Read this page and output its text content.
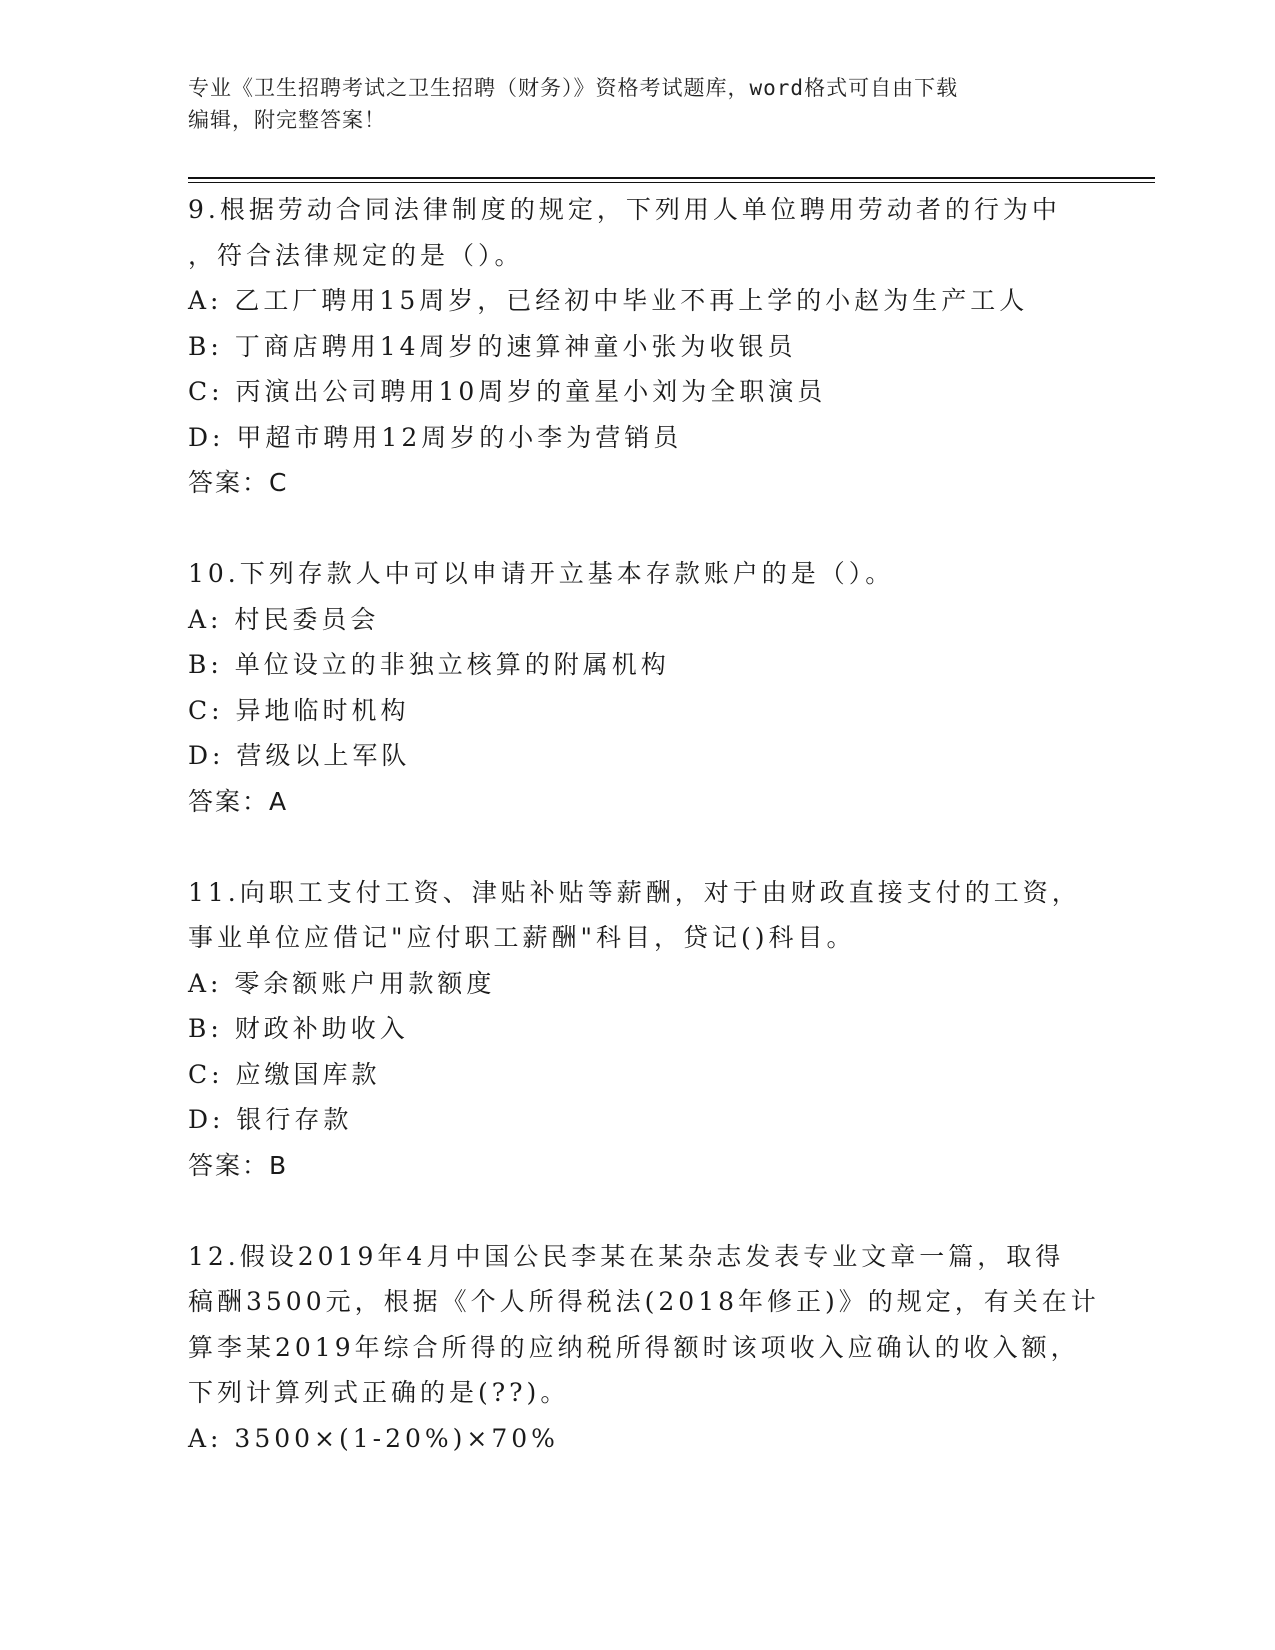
专业《卫生招聘考试之卫生招聘（财务）》资格考试题库，word格式可自由下载
编辑，附完整答案！
9.根据劳动合同法律制度的规定，下列用人单位聘用劳动者的行为中
，符合法律规定的是（）。
A: 乙工厂聘用15周岁，已经初中毕业不再上学的小赵为生产工人
B: 丁商店聘用14周岁的速算神童小张为收银员
C: 丙演出公司聘用10周岁的童星小刘为全职演员
D: 甲超市聘用12周岁的小李为营销员
答案：C
10.下列存款人中可以申请开立基本存款账户的是（）。
A: 村民委员会
B: 单位设立的非独立核算的附属机构
C: 异地临时机构
D: 营级以上军队
答案：A
11.向职工支付工资、津贴补贴等薪酬，对于由财政直接支付的工资，
事业单位应借记"应付职工薪酬"科目，贷记()科目。
A: 零余额账户用款额度
B: 财政补助收入
C: 应缴国库款
D: 银行存款
答案：B
12.假设2019年4月中国公民李某在某杂志发表专业文章一篇，取得
稿酬3500元，根据《个人所得税法(2018年修正)》的规定，有关在计
算李某2019年综合所得的应纳税所得额时该项收入应确认的收入额，
下列计算列式正确的是(??)。
A: 3500×(1-20%)×70%
